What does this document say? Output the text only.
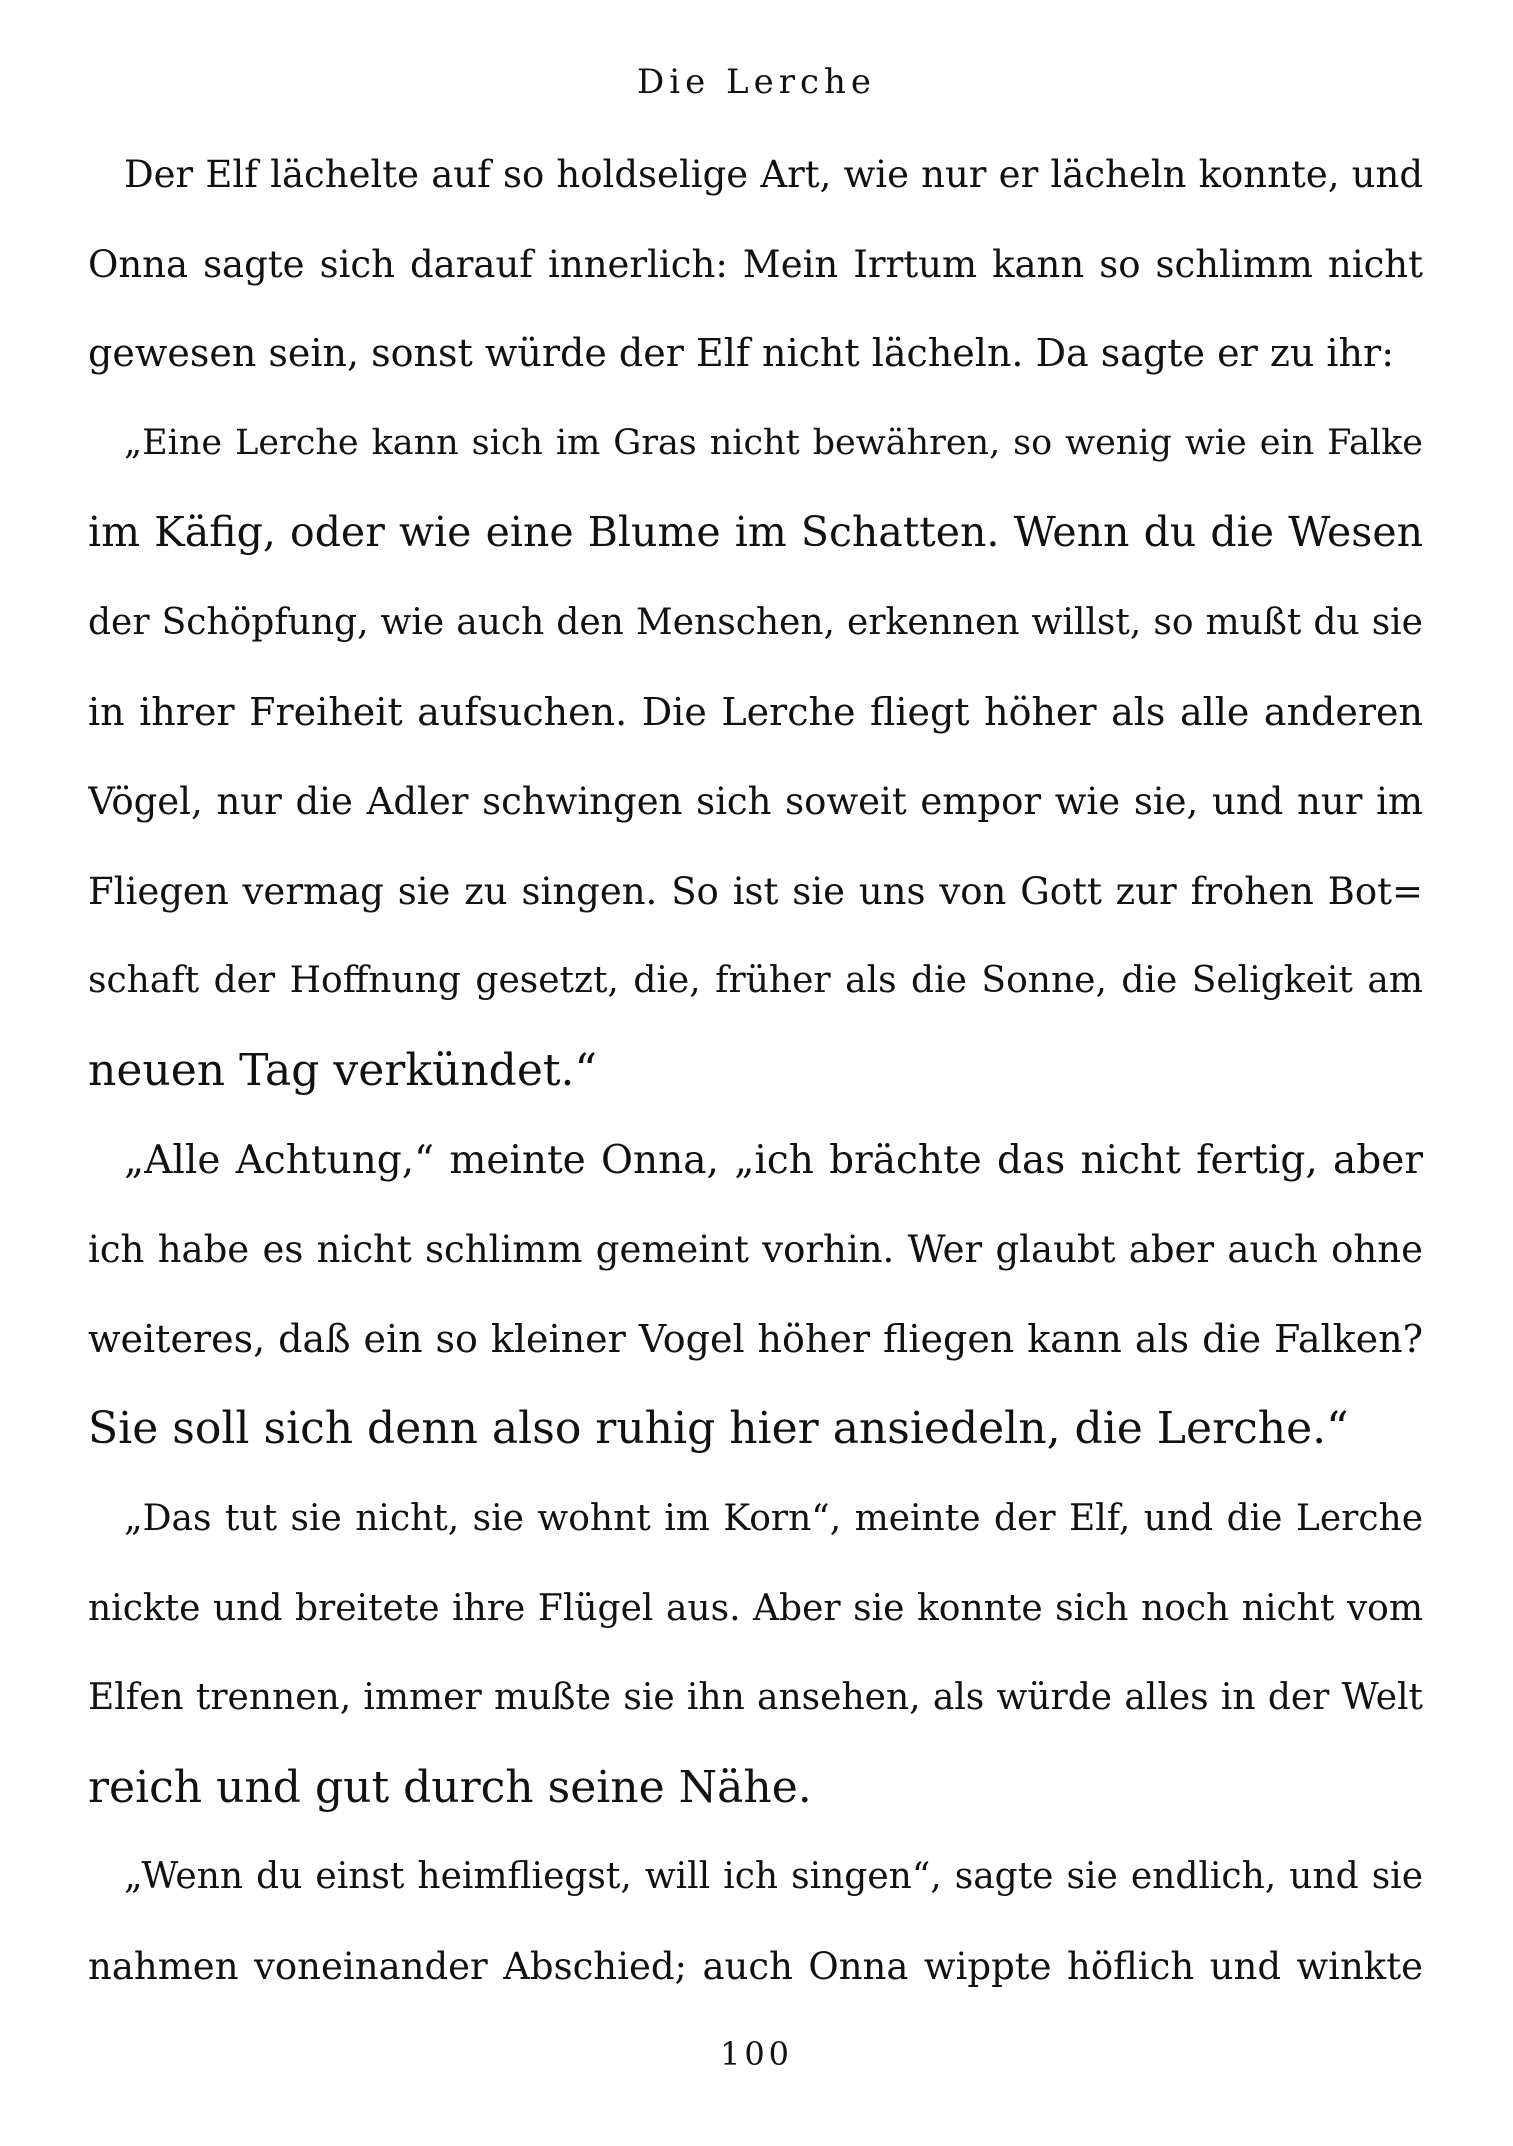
Die Lerche
Der Elf lächelte auf so holdselige Art, wie nur er lächeln konnte, und
Onna sagte sich darauf innerlich: Mein Irrtum kann so schlimm nicht
gewesen sein, sonst würde der Elf nicht lächeln. Da sagte er zu ihr:
„Eine Lerche kann sich im Gras nicht bewähren, so wenig wie ein Falke
im Käfig, oder wie eine Blume im Schatten. Wenn du die Wesen
der Schöpfung, wie auch den Menschen, erkennen willst, so mußt du sie
in ihrer Freiheit aufsuchen. Die Lerche fliegt höher als alle anderen
Vögel, nur die Adler schwingen sich soweit empor wie sie, und nur im
Fliegen vermag sie zu singen. So ist sie uns von Gott zur frohen Bot=
schaft der Hoffnung gesetzt, die, früher als die Sonne, die Seligkeit am
neuen Tag verkündet.“
„Alle Achtung,“ meinte Onna, „ich brächte das nicht fertig, aber
ich habe es nicht schlimm gemeint vorhin. Wer glaubt aber auch ohne
weiteres, daß ein so kleiner Vogel höher fliegen kann als die Falken?
Sie soll sich denn also ruhig hier ansiedeln, die Lerche.“
„Das tut sie nicht, sie wohnt im Korn“, meinte der Elf, und die Lerche
nickte und breitete ihre Flügel aus. Aber sie konnte sich noch nicht vom
Elfen trennen, immer mußte sie ihn ansehen, als würde alles in der Welt
reich und gut durch seine Nähe.
„Wenn du einst heimfliegst, will ich singen“, sagte sie endlich, und sie
nahmen voneinander Abschied; auch Onna wippte höflich und winkte
100
